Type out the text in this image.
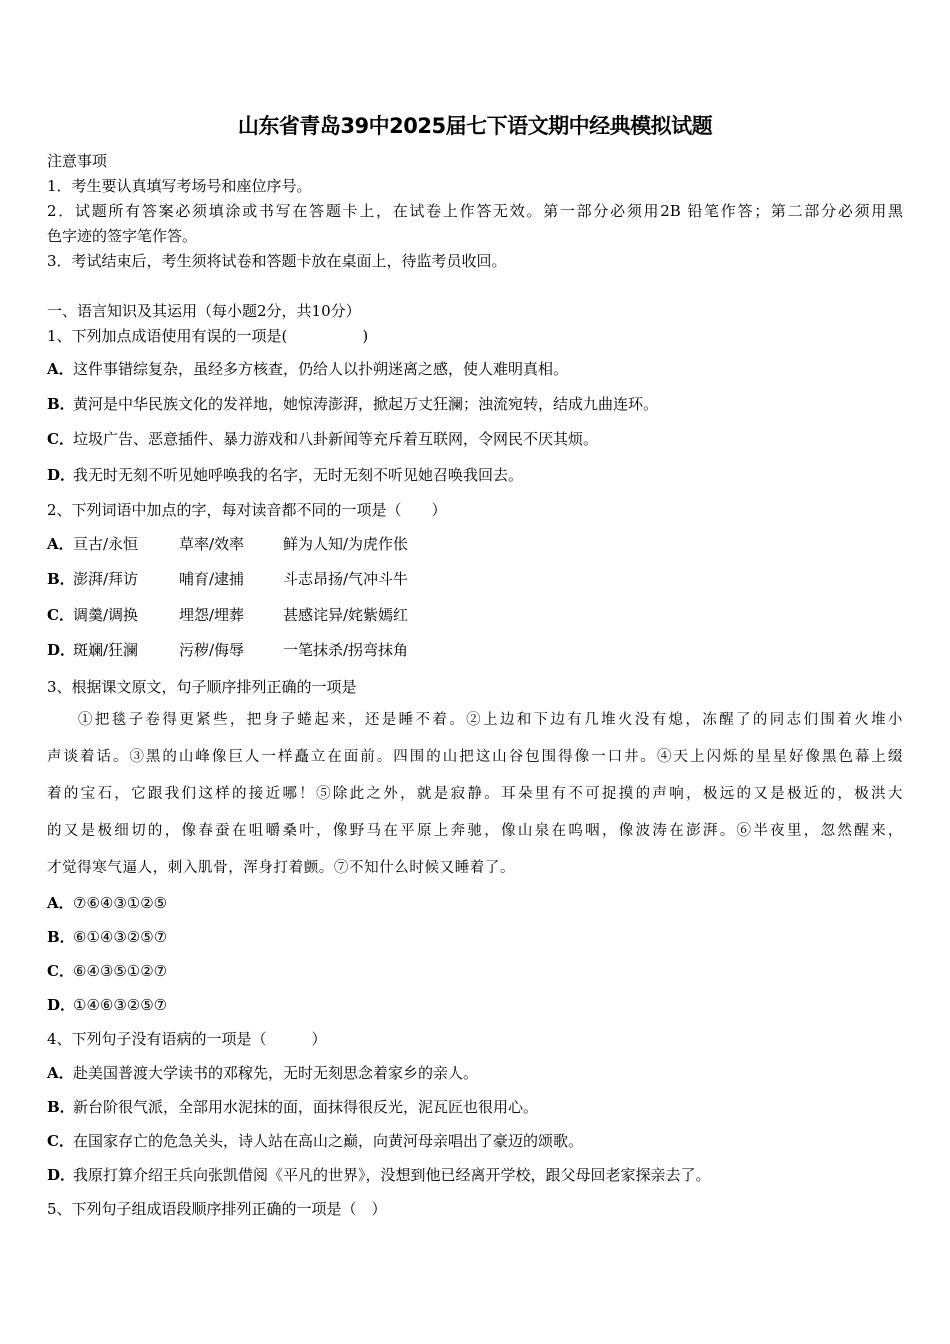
山东省青岛39中2025届七下语文期中经典模拟试题
注意事项
1．考生要认真填写考场号和座位序号。
2．试题所有答案必须填涂或书写在答题卡上，在试卷上作答无效。第一部分必须用2B 铅笔作答；第二部分必须用黑
色字迹的签字笔作答。
3．考试结束后，考生须将试卷和答题卡放在桌面上，待监考员收回。
一、语言知识及其运用（每小题2分，共10分）
1、下列加点成语使用有误的一项是(　　　　　)
A．这件事错综复杂，虽经多方核查，仍给人以扑朔迷离之感，使人难明真相。
B．黄河是中华民族文化的发祥地，她惊涛澎湃，掀起万丈狂澜；浊流宛转，结成九曲连环。
C．垃圾广告、恶意插件、暴力游戏和八卦新闻等充斥着互联网，令网民不厌其烦。
D．我无时无刻不听见她呼唤我的名字，无时无刻不听见她召唤我回去。
2、下列词语中加点的字，每对读音都不同的一项是（　　）
A．亘古/永恒	草率/效率	鲜为人知/为虎作伥
B．澎湃/拜访	哺育/逮捕	斗志昂扬/气冲斗牛
C．调羹/调换	埋怨/埋葬	甚感诧异/姹紫嫣红
D．斑斓/狂澜	污秽/侮辱	一笔抹杀/拐弯抹角
3、根据课文原文，句子顺序排列正确的一项是
①把毯子卷得更紧些，把身子蜷起来，还是睡不着。②上边和下边有几堆火没有熄，冻醒了的同志们围着火堆小
声谈着话。③黑的山峰像巨人一样矗立在面前。四围的山把这山谷包围得像一口井。④天上闪烁的星星好像黑色幕上缀
着的宝石，它跟我们这样的接近哪！⑤除此之外，就是寂静。耳朵里有不可捉摸的声响，极远的又是极近的，极洪大
的又是极细切的，像春蚕在咀嚼桑叶，像野马在平原上奔驰，像山泉在呜咽，像波涛在澎湃。⑥半夜里，忽然醒来，
才觉得寒气逼人，刺入肌骨，浑身打着颤。⑦不知什么时候又睡着了。
A．⑦⑥④③①②⑤
B．⑥①④③②⑤⑦
C．⑥④③⑤①②⑦
D．①④⑥③②⑤⑦
4、下列句子没有语病的一项是（　　　）
A．赴美国普渡大学读书的邓稼先，无时无刻思念着家乡的亲人。
B．新台阶很气派，全部用水泥抹的面，面抹得很反光，泥瓦匠也很用心。
C．在国家存亡的危急关头，诗人站在高山之巅，向黄河母亲唱出了豪迈的颂歌。
D．我原打算介绍王兵向张凯借阅《平凡的世界》，没想到他已经离开学校，跟父母回老家探亲去了。
5、下列句子组成语段顺序排列正确的一项是（　）
